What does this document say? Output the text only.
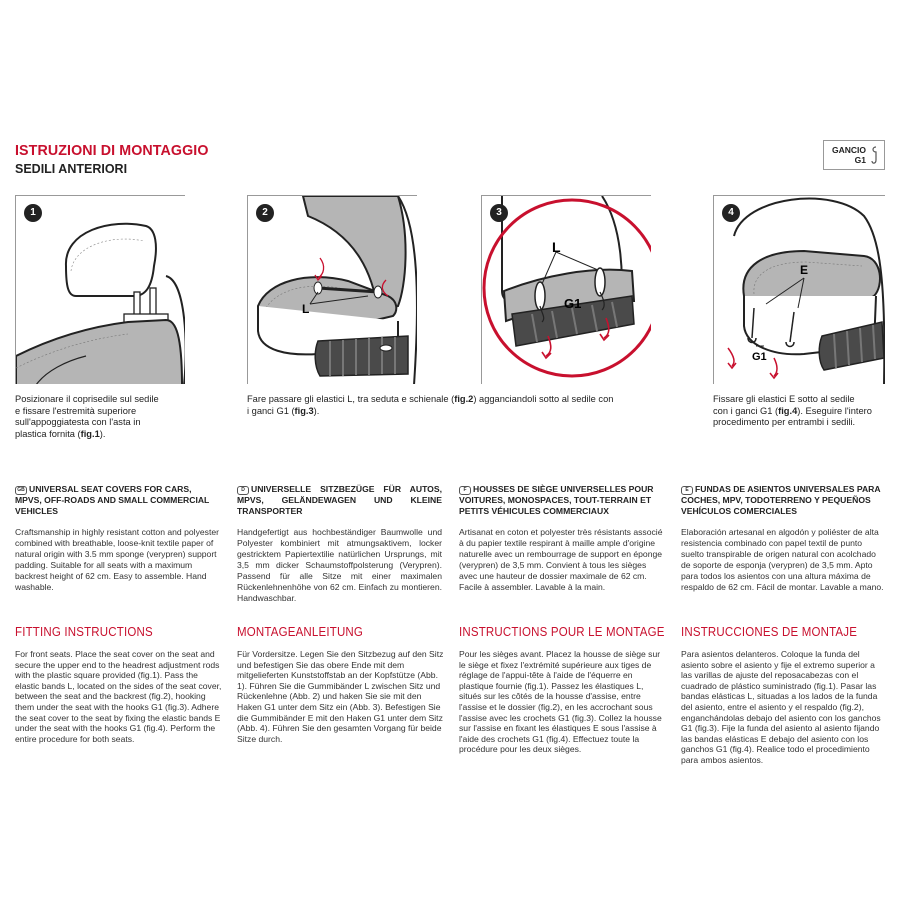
ISTRUZIONI DI MONTAGGIO
SEDILI ANTERIORI
GANCIO
G1
1	2
L
3
L
G1
4
E
G1
Posizionare il coprisedile sul sedile
e fissare l'estremità superiore
sull'appoggiatesta con l'asta in
plastica fornita (fig.1).
Fare passare gli elastici L, tra seduta e schienale (fig.2) agganciandoli sotto al sedile con
i ganci G1 (fig.3).
Fissare gli elastici E sotto al sedile
con i ganci G1 (fig.4). Eseguire l'intero
procedimento per entrambi i sedili.
GB UNIVERSAL SEAT COVERS FOR CARS, MPVS, OFF-ROADS AND SMALL COMMERCIAL VEHICLES
Craftsmanship in highly resistant cotton and polyester combined with breathable, loose-knit textile paper of natural origin with 3.5 mm sponge (verypren) support padding. Suitable for all seats with a maximum backrest height of 62 cm. Easy to assemble. Hand washable.
D UNIVERSELLE SITZBEZÜGE FÜR AUTOS, MPVS, GELÄNDEWAGEN UND KLEINE TRANSPORTER
Handgefertigt aus hochbeständiger Baumwolle und Polyester kombiniert mit atmungsaktivem, locker gestricktem Papiertextilie natürlichen Ursprungs, mit 3,5 mm dicker Schaumstoffpolsterung (Verypren). Passend für alle Sitze mit einer maximalen Rückenlehnenhöhe von 62 cm. Einfach zu montieren. Handwaschbar.
F HOUSSES DE SIÈGE UNIVERSELLES POUR VOITURES, MONOSPACES, TOUT-TERRAIN ET PETITS VÉHICULES COMMERCIAUX
Artisanat en coton et polyester très résistants associé à du papier textile respirant à maille ample d'origine naturelle avec un rembourrage de support en éponge (verypren) de 3,5 mm. Convient à tous les sièges avec une hauteur de dossier maximale de 62 cm. Facile à assembler. Lavable à la main.
E FUNDAS DE ASIENTOS UNIVERSALES PARA COCHES, MPV, TODOTERRENO Y PEQUEÑOS VEHÍCULOS COMERCIALES
Elaboración artesanal en algodón y poliéster de alta resistencia combinado con papel textil de punto suelto transpirable de origen natural con acolchado de soporte de esponja (verypren) de 3,5 mm. Apto para todos los asientos con una altura máxima de respaldo de 62 cm. Fácil de montar. Lavable a mano.
FITTING INSTRUCTIONS
For front seats. Place the seat cover on the seat and secure the upper end to the headrest adjustment rods with the plastic square provided (fig.1). Pass the elastic bands L, located on the sides of the seat cover, between the seat and the backrest (fig.2), hooking them under the seat with the hooks G1 (fig.3). Adhere the seat cover to the seat by fixing the elastic bands E under the seat with the hooks G1 (fig.4). Perform the entire procedure for both seats.
MONTAGEANLEITUNG
Für Vordersitze. Legen Sie den Sitzbezug auf den Sitz und befestigen Sie das obere Ende mit dem mitgelieferten Kunststoffstab an der Kopfstütze (Abb. 1). Führen Sie die Gummibänder L zwischen Sitz und Rückenlehne (Abb. 2) und haken Sie sie mit den Haken G1 unter dem Sitz ein (Abb. 3). Befestigen Sie die Gummibänder E mit den Haken G1 unter dem Sitz (Abb. 4). Führen Sie den gesamten Vorgang für beide Sitze durch.
INSTRUCTIONS POUR LE MONTAGE
Pour les sièges avant. Placez la housse de siège sur le siège et fixez l'extrémité supérieure aux tiges de réglage de l'appui-tête à l'aide de l'équerre en plastique fournie (fig.1). Passez les élastiques L, situés sur les côtés de la housse d'assise, entre l'assise et le dossier (fig.2), en les accrochant sous l'assise avec les crochets G1 (fig.3). Collez la housse sur l'assise en fixant les élastiques E sous l'assise à l'aide des crochets G1 (fig.4). Effectuez toute la procédure pour les deux sièges.
INSTRUCCIONES DE MONTAJE
Para asientos delanteros. Coloque la funda del asiento sobre el asiento y fije el extremo superior a las varillas de ajuste del reposacabezas con el cuadrado de plástico suministrado (fig.1). Pasar las bandas elásticas L, situadas a los lados de la funda del asiento, entre el asiento y el respaldo (fig.2), enganchándolas debajo del asiento con los ganchos G1 (fig.3). Fije la funda del asiento al asiento fijando las bandas elásticas E debajo del asiento con los ganchos G1 (fig.4). Realice todo el procedimiento para ambos asientos.
